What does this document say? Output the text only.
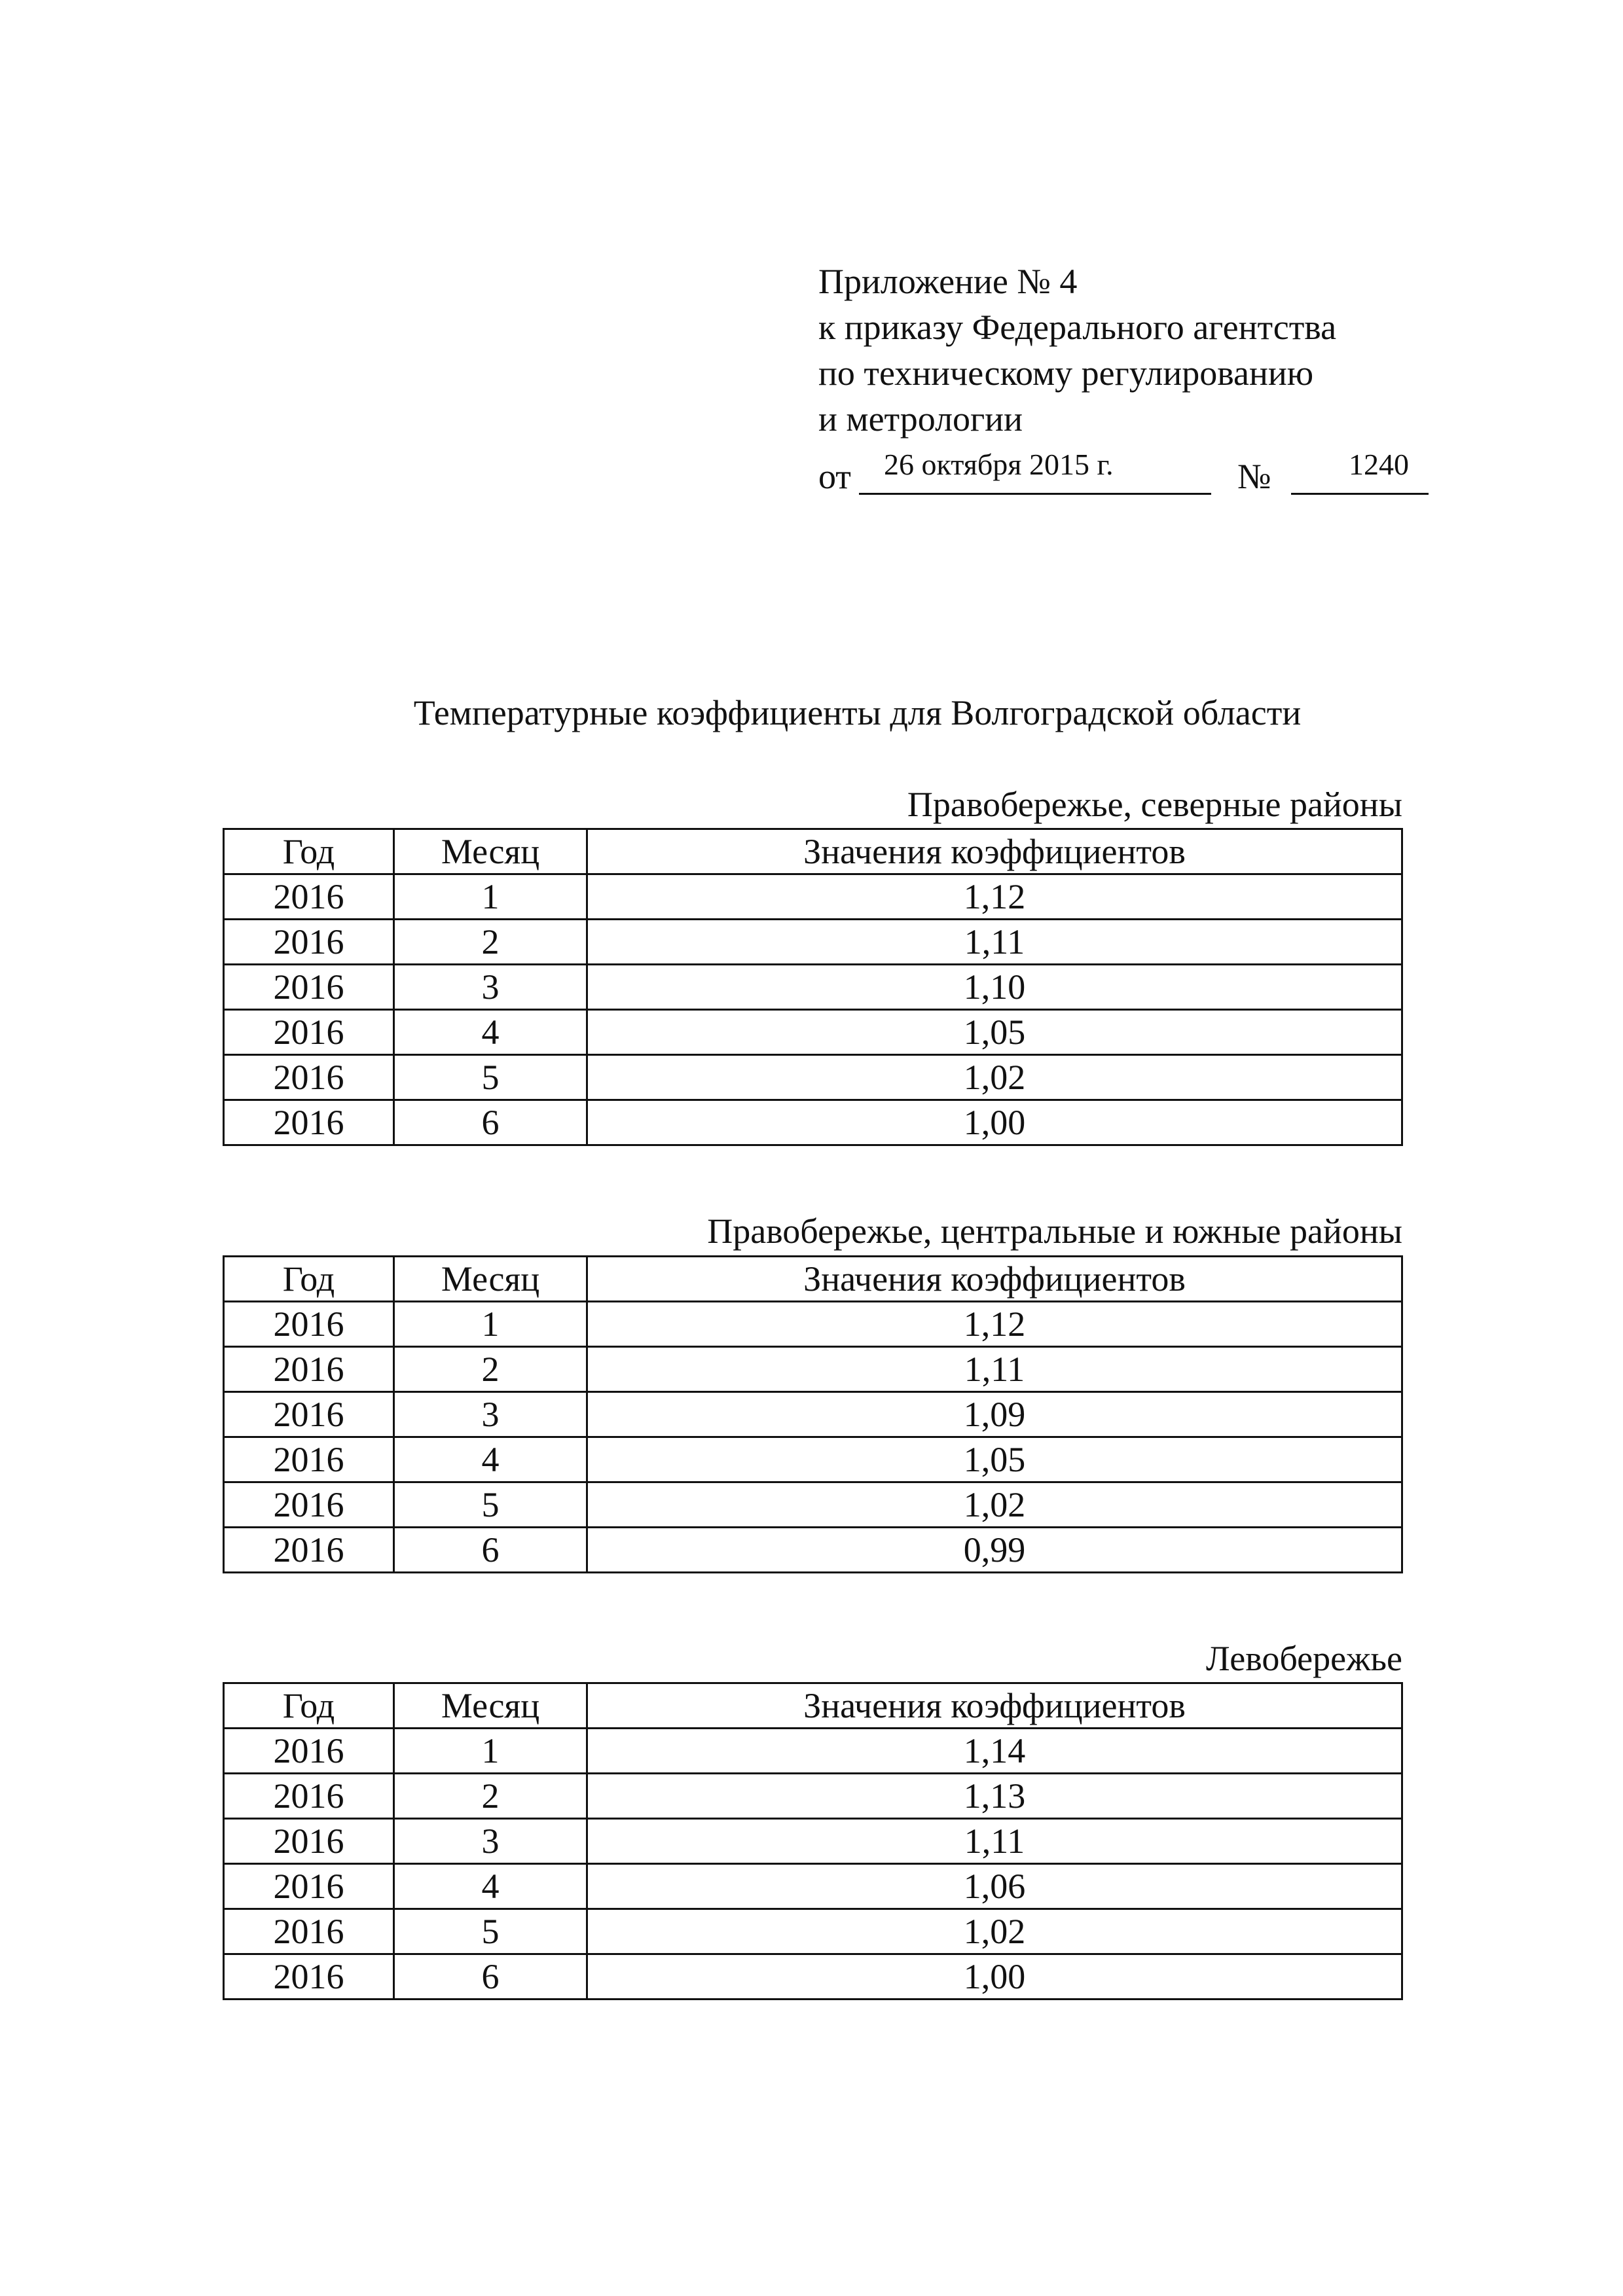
Приложение № 4
к приказу Федерального агентства
по техническому регулированию
и метрологии
от 26 октября 2015 г.	№	1240
Температурные коэффициенты для Волгоградской области
Правобережье, северные районы
Год	Месяц	Значения коэффициентов
2016	1	1,12
2016	2	1,11
2016	3	1,10
2016	4	1,05
2016	5	1,02
2016	6	1,00
Правобережье, центральные и южные районы
Год	Месяц	Значения коэффициентов
2016	1	1,12
2016	2	1,11
2016	3	1,09
2016	4	1,05
2016	5	1,02
2016	6	0,99
Левобережье
Год	Месяц	Значения коэффициентов
2016	1	1,14
2016	2	1,13
2016	3	1,11
2016	4	1,06
2016	5	1,02
2016	6	1,00
